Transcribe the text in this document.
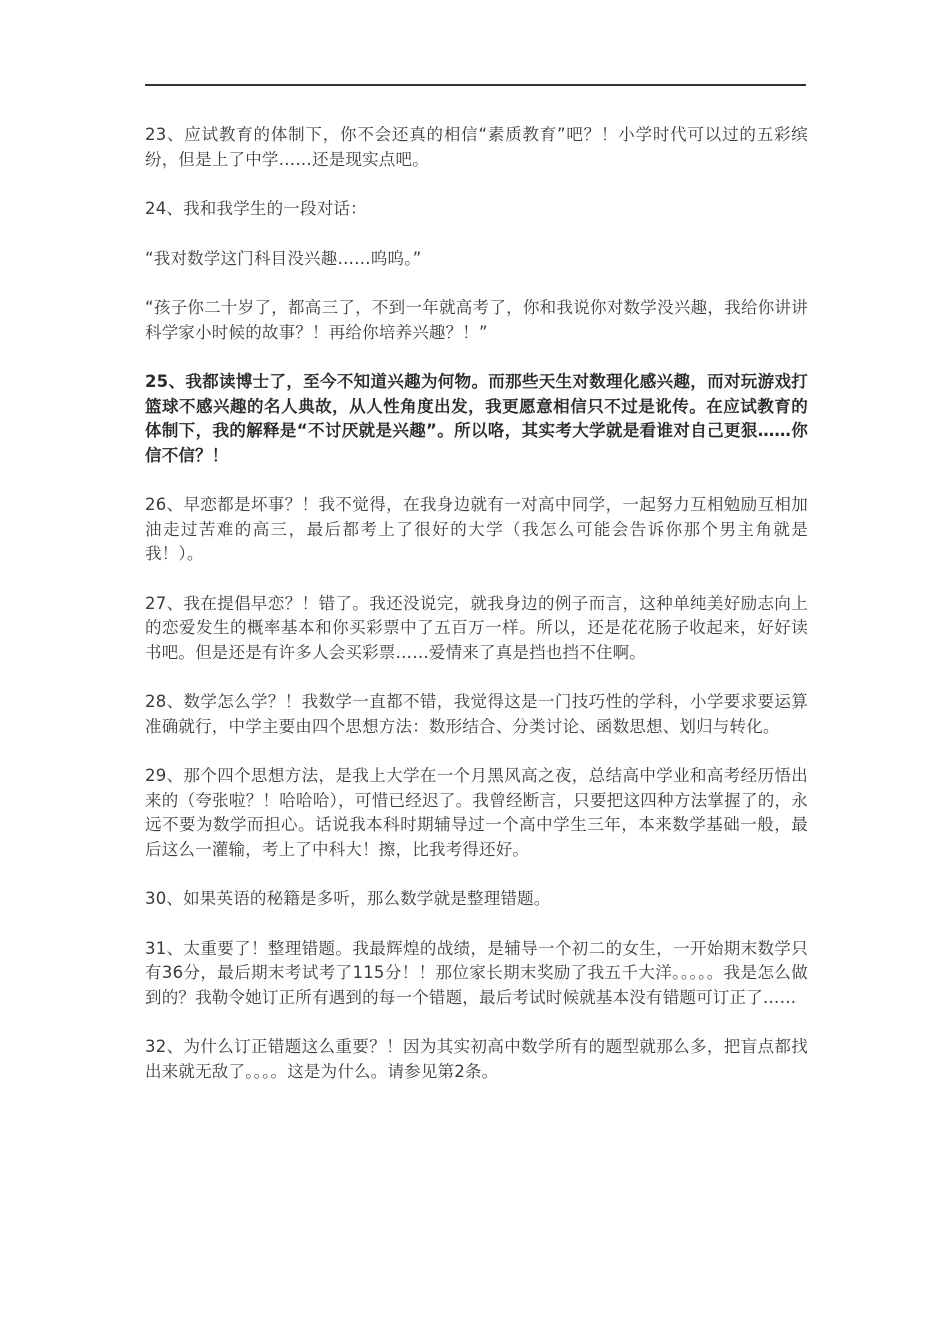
23、应试教育的体制下，你不会还真的相信“素质教育”吧？！小学时代可以过的五彩缤纷，但是上了中学……还是现实点吧。

24、我和我学生的一段对话：

“我对数学这门科目没兴趣……呜呜。”

“孩子你二十岁了，都高三了，不到一年就高考了，你和我说你对数学没兴趣，我给你讲讲科学家小时候的故事？！再给你培养兴趣？！”

25、我都读博士了，至今不知道兴趣为何物。而那些天生对数理化感兴趣，而对玩游戏打篮球不感兴趣的名人典故，从人性角度出发，我更愿意相信只不过是讹传。在应试教育的体制下，我的解释是“不讨厌就是兴趣”。所以咯，其实考大学就是看谁对自己更狠……你信不信？！

26、早恋都是坏事？！我不觉得，在我身边就有一对高中同学，一起努力互相勉励互相加油走过苦难的高三，最后都考上了很好的大学（我怎么可能会告诉你那个男主角就是我！）。

27、我在提倡早恋？！错了。我还没说完，就我身边的例子而言，这种单纯美好励志向上的恋爱发生的概率基本和你买彩票中了五百万一样。所以，还是花花肠子收起来，好好读书吧。但是还是有许多人会买彩票……爱情来了真是挡也挡不住啊。

28、数学怎么学？！我数学一直都不错，我觉得这是一门技巧性的学科，小学要求要运算准确就行，中学主要由四个思想方法：数形结合、分类讨论、函数思想、划归与转化。

29、那个四个思想方法，是我上大学在一个月黑风高之夜，总结高中学业和高考经历悟出来的（夸张啦？！哈哈哈），可惜已经迟了。我曾经断言，只要把这四种方法掌握了的，永远不要为数学而担心。话说我本科时期辅导过一个高中学生三年，本来数学基础一般，最后这么一灌输，考上了中科大！擦，比我考得还好。

30、如果英语的秘籍是多听，那么数学就是整理错题。

31、太重要了！整理错题。我最辉煌的战绩，是辅导一个初二的女生，一开始期末数学只有36分，最后期末考试考了115分！！那位家长期末奖励了我五千大洋。。。。。我是怎么做到的？我勒令她订正所有遇到的每一个错题，最后考试时候就基本没有错题可订正了……

32、为什么订正错题这么重要？！因为其实初高中数学所有的题型就那么多，把盲点都找出来就无敌了。。。。这是为什么。请参见第2条。
